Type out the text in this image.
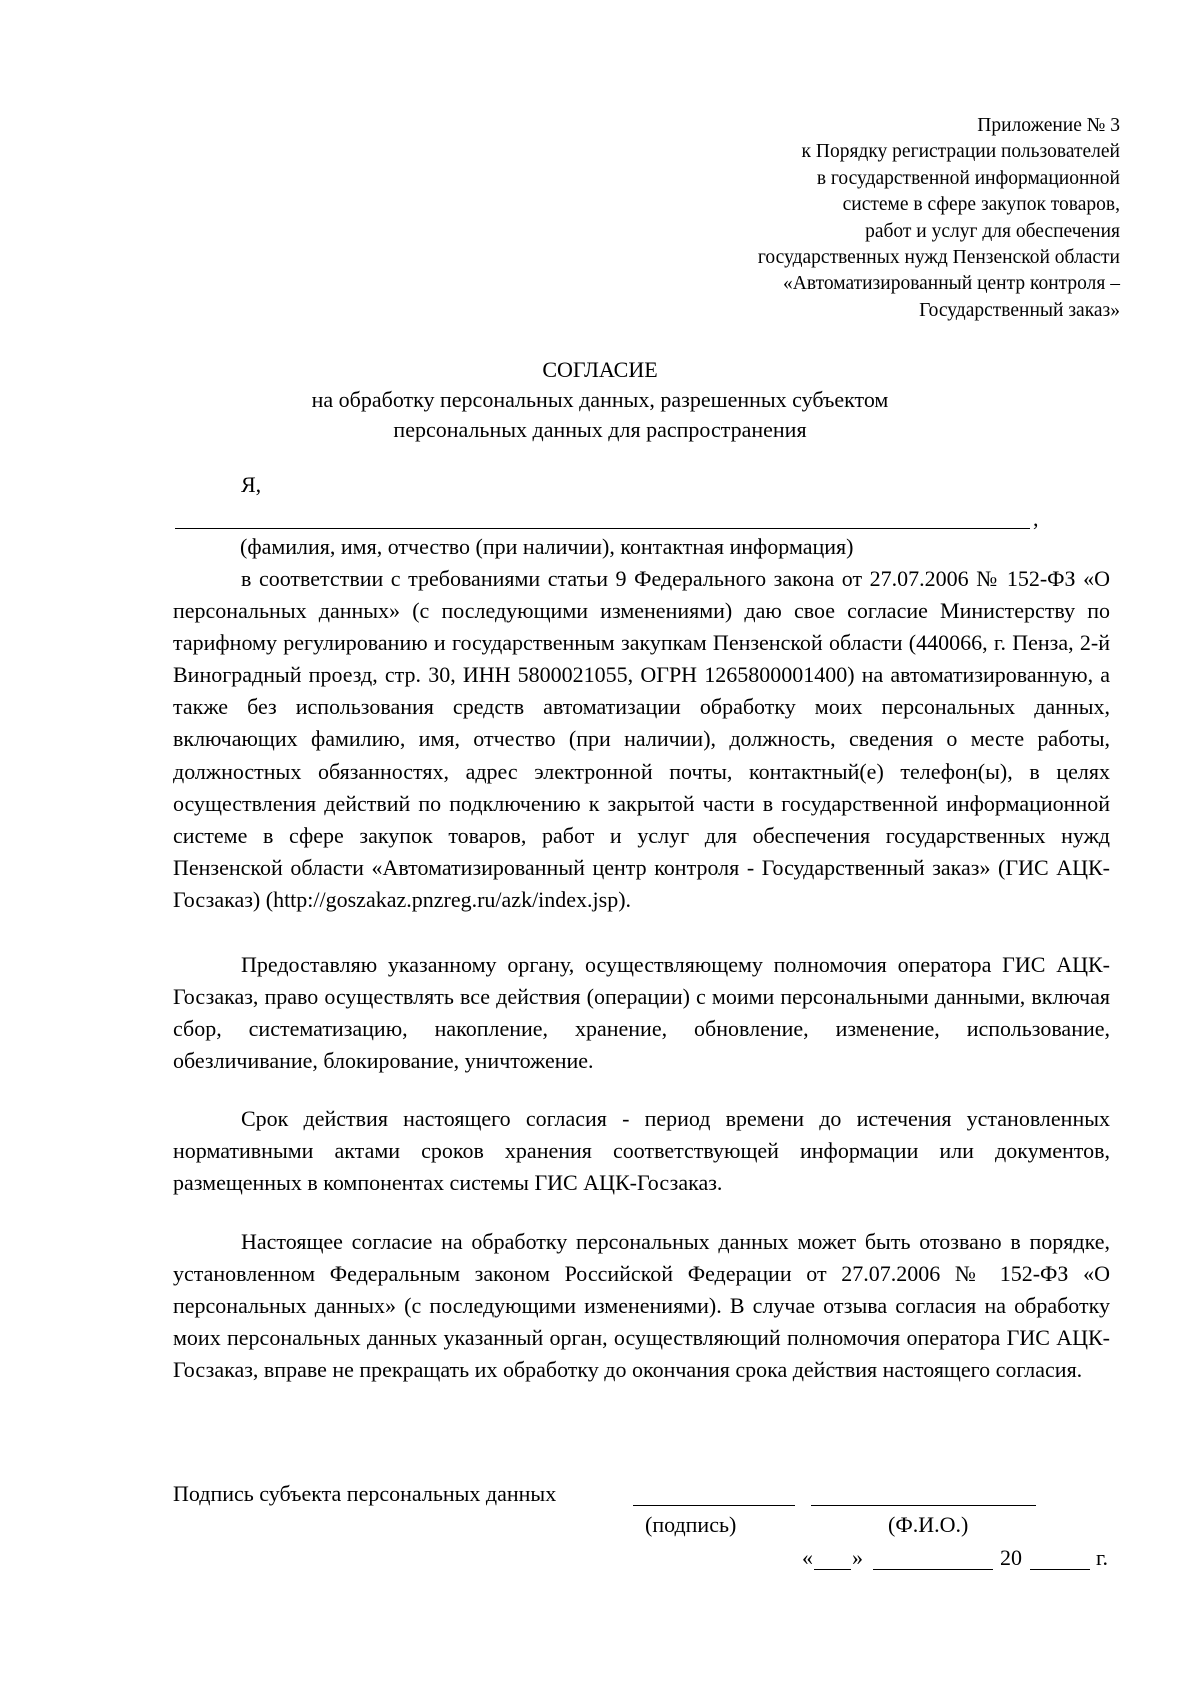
Приложение № 3
к Порядку регистрации пользователей
в государственной информационной
системе в сфере закупок товаров,
работ и услуг для обеспечения
государственных нужд Пензенской области
«Автоматизированный центр контроля –
Государственный заказ»
СОГЛАСИЕ
на обработку персональных данных, разрешенных субъектом
персональных данных для распространения
Я,
,
(фамилия, имя, отчество (при наличии), контактная информация)

в соответствии с требованиями статьи 9 Федерального закона от 27.07.2006 № 152-ФЗ «О персональных данных» (с последующими изменениями) даю свое согласие Министерству по тарифному регулированию и государственным закупкам Пензенской области (440066, г. Пенза, 2-й Виноградный проезд, стр. 30, ИНН 5800021055, ОГРН 1265800001400) на автоматизированную, а также без использования средств автоматизации обработку моих персональных данных, включающих фамилию, имя, отчество (при наличии), должность, сведения о месте работы, должностных обязанностях, адрес электронной почты, контактный(е) телефон(ы), в целях осуществления действий по подключению к закрытой части в государственной информационной системе в сфере закупок товаров, работ и услуг для обеспечения государственных нужд Пензенской области «Автоматизированный центр контроля - Государственный заказ» (ГИС АЦК-Госзаказ) (http://goszakaz.pnzreg.ru/azk/index.jsp).

Предоставляю указанному органу, осуществляющему полномочия оператора ГИС АЦК-Госзаказ, право осуществлять все действия (операции) с моими персональными данными, включая сбор, систематизацию, накопление, хранение, обновление, изменение, использование, обезличивание, блокирование, уничтожение.

Срок действия настоящего согласия - период времени до истечения установленных нормативными актами сроков хранения соответствующей информации или документов, размещенных в компонентах системы ГИС АЦК-Госзаказ.

Настоящее согласие на обработку персональных данных может быть отозвано в порядке, установленном Федеральным законом Российской Федерации от 27.07.2006 № 152-ФЗ «О персональных данных» (с последующими изменениями). В случае отзыва согласия на обработку моих персональных данных указанный орган, осуществляющий полномочия оператора ГИС АЦК-Госзаказ, вправе не прекращать их обработку до окончания срока действия настоящего согласия.

Подпись субъекта персональных данных
(подпись)	(Ф.И.О.)
« »	20	г.
